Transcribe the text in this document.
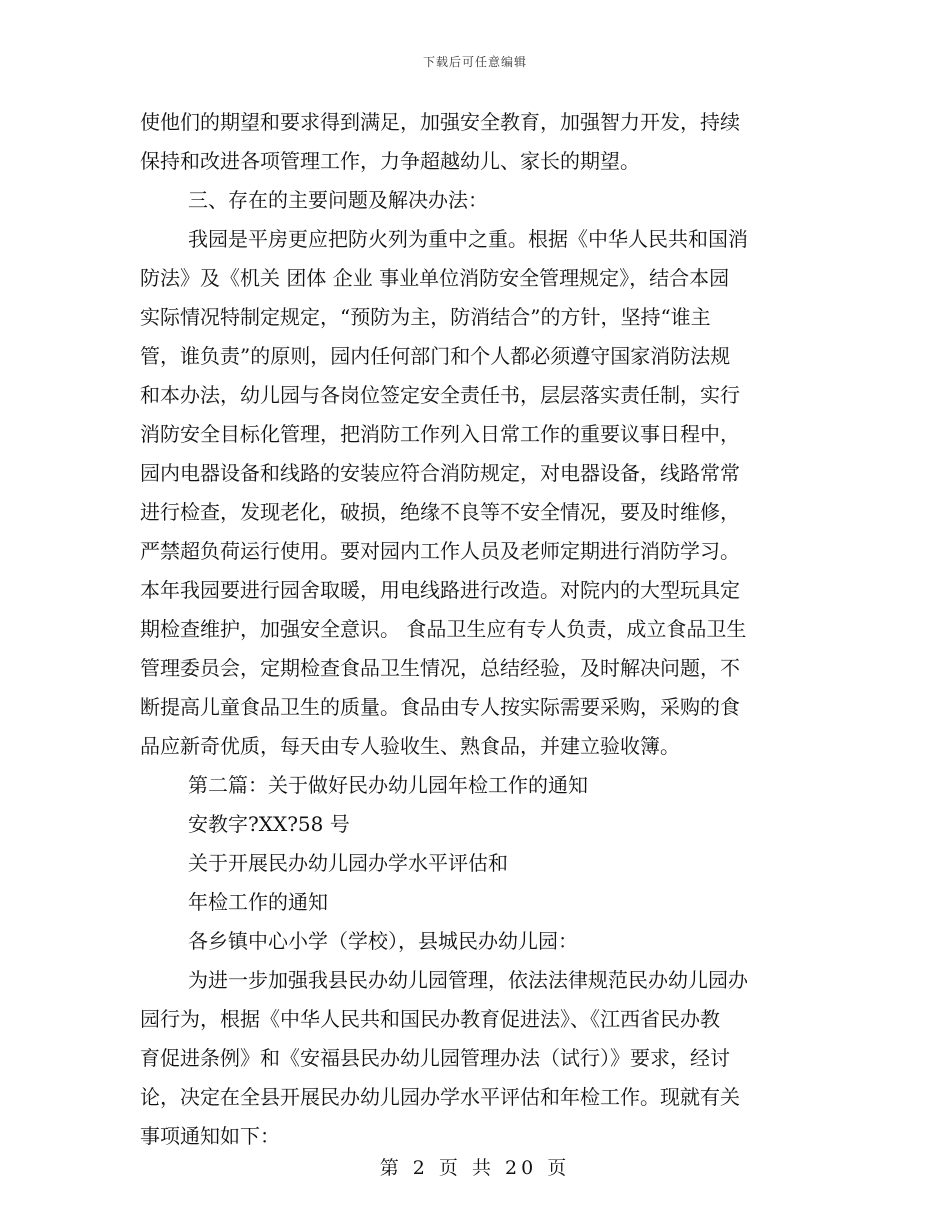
下载后可任意编辑
使他们的期望和要求得到满足，加强安全教育，加强智力开发，持续
保持和改进各项管理工作，力争超越幼儿、家长的期望。
三、存在的主要问题及解决办法：
我园是平房更应把防火列为重中之重。根据《中华人民共和国消
防法》及《机关 团体 企业 事业单位消防安全管理规定》，结合本园
实际情况特制定规定，“预防为主，防消结合”的方针，坚持“谁主
管，谁负责”的原则，园内任何部门和个人都必须遵守国家消防法规
和本办法，幼儿园与各岗位签定安全责任书，层层落实责任制，实行
消防安全目标化管理，把消防工作列入日常工作的重要议事日程中，
园内电器设备和线路的安装应符合消防规定，对电器设备，线路常常
进行检查，发现老化，破损，绝缘不良等不安全情况，要及时维修，
严禁超负荷运行使用。要对园内工作人员及老师定期进行消防学习。
本年我园要进行园舍取暖，用电线路进行改造。对院内的大型玩具定
期检查维护，加强安全意识。 食品卫生应有专人负责，成立食品卫生
管理委员会，定期检查食品卫生情况，总结经验，及时解决问题，不
断提高儿童食品卫生的质量。食品由专人按实际需要采购，采购的食
品应新奇优质，每天由专人验收生、熟食品，并建立验收簿。
第二篇：关于做好民办幼儿园年检工作的通知
安教字?XX?58 号
关于开展民办幼儿园办学水平评估和
年检工作的通知
各乡镇中心小学（学校），县城民办幼儿园：
为进一步加强我县民办幼儿园管理，依法法律规范民办幼儿园办
园行为，根据《中华人民共和国民办教育促进法》、《江西省民办教
育促进条例》和《安福县民办幼儿园管理办法（试行）》要求，经讨
论，决定在全县开展民办幼儿园办学水平评估和年检工作。现就有关
事项通知如下：
第 2 页 共 20 页
